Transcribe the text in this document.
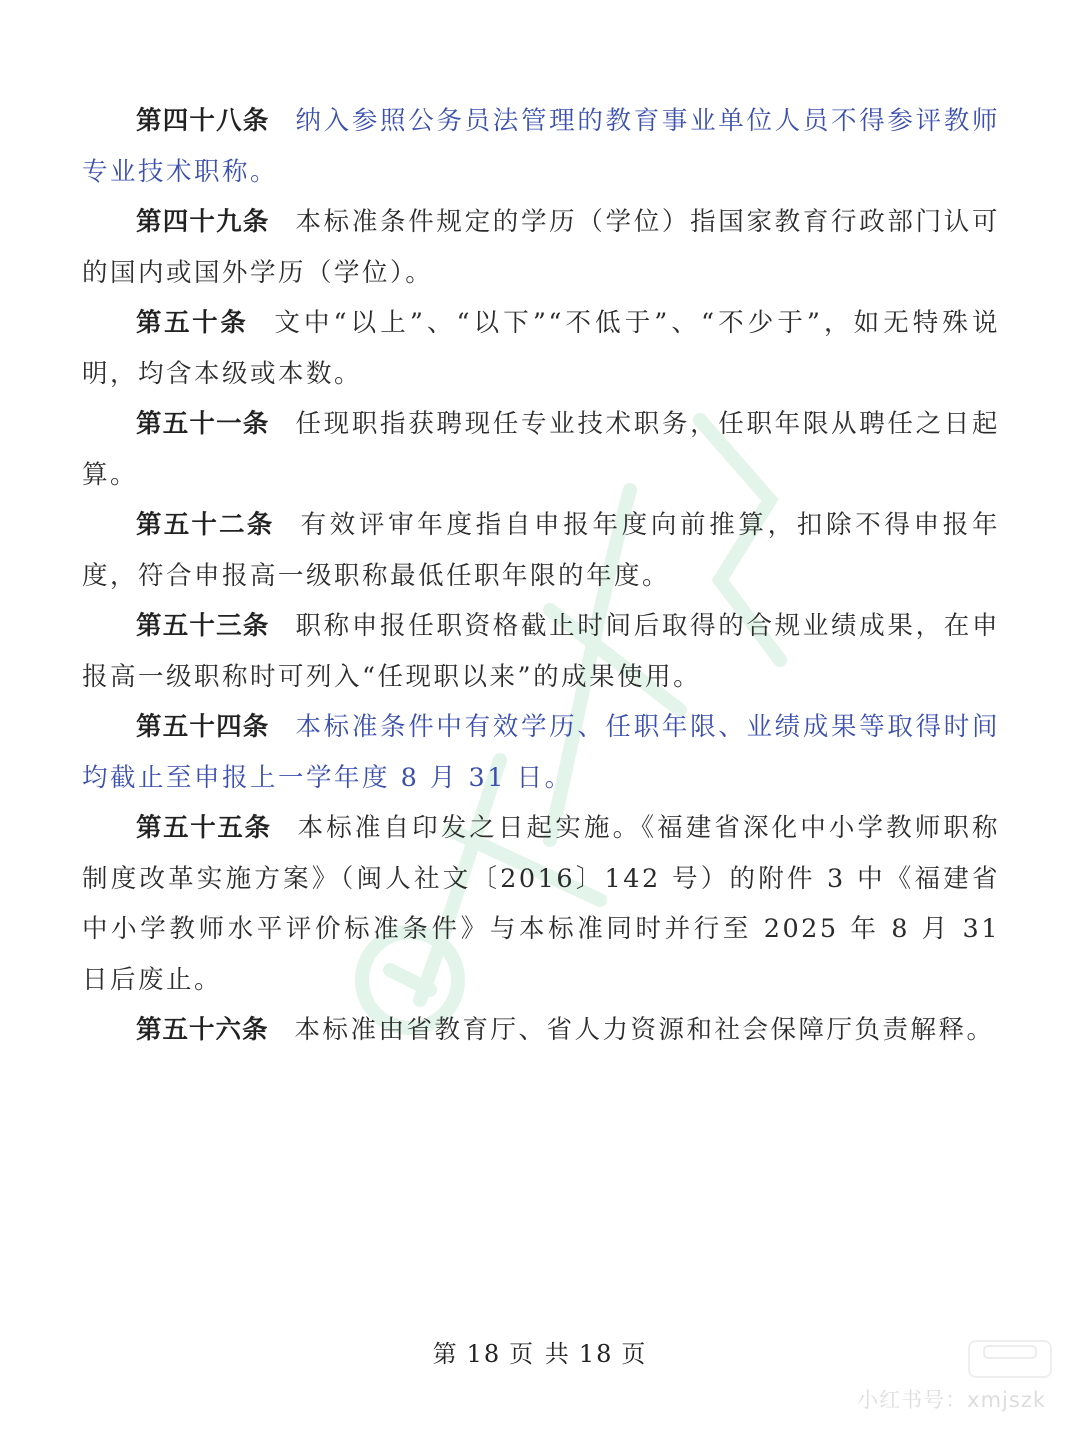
第四十八条 纳入参照公务员法管理的教育事业单位人员不得参评教师专业技术职称。

第四十九条 本标准条件规定的学历（学位）指国家教育行政部门认可的国内或国外学历（学位）。

第五十条 文中“以上”、“以下”“不低于”、“不少于”，如无特殊说明，均含本级或本数。

第五十一条 任现职指获聘现任专业技术职务，任职年限从聘任之日起算。

第五十二条 有效评审年度指自申报年度向前推算，扣除不得申报年度，符合申报高一级职称最低任职年限的年度。

第五十三条 职称申报任职资格截止时间后取得的合规业绩成果，在申报高一级职称时可列入“任现职以来”的成果使用。

第五十四条 本标准条件中有效学历、任职年限、业绩成果等取得时间均截止至申报上一学年度 8 月 31 日。

第五十五条 本标准自印发之日起实施。《福建省深化中小学教师职称制度改革实施方案》（闽人社文〔2016〕142 号）的附件 3 中《福建省中小学教师水平评价标准条件》与本标准同时并行至 2025 年 8 月 31 日后废止。

第五十六条 本标准由省教育厅、省人力资源和社会保障厅负责解释。

第 18 页 共 18 页
小红书号：xmjszk
